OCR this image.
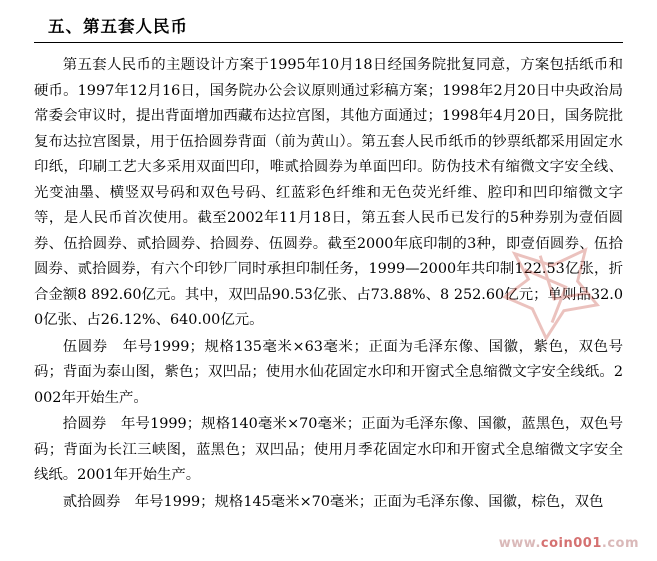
五、第五套人民币

第五套人民币的主题设计方案于1995年10月18日经国务院批复同意，方案包括纸币和硬币。1997年12月16日，国务院办公会议原则通过彩稿方案；1998年2月20日中央政治局常委会审议时，提出背面增加西藏布达拉宫图，其他方面通过；1998年4月20日，国务院批复布达拉宫图景，用于伍拾圆券背面（前为黄山）。第五套人民币纸币的钞票纸都采用固定水印纸，印刷工艺大多采用双面凹印，唯贰拾圆券为单面凹印。防伪技术有缩微文字安全线、光变油墨、横竖双号码和双色号码、红蓝彩色纤维和无色荧光纤维、腔印和凹印缩微文字等，是人民币首次使用。截至2002年11月18日，第五套人民币已发行的5种券别为壹佰圆券、伍拾圆券、贰拾圆券、拾圆券、伍圆券。截至2000年底印制的3种，即壹佰圆券、伍拾圆券、贰拾圆券，有六个印钞厂同时承担印制任务，1999—2000年共印制122.53亿张，折合金额8 892.60亿元。其中，双凹品90.53亿张、占73.88%、8 252.60亿元；单则品32.00亿张、占26.12%、640.00亿元。

伍圆券　年号1999；规格135毫米×63毫米；正面为毛泽东像、国徽，紫色，双色号码；背面为泰山图，紫色；双凹品；使用水仙花固定水印和开窗式全息缩微文字安全线纸。2002年开始生产。

拾圆券　年号1999；规格140毫米×70毫米；正面为毛泽东像、国徽，蓝黑色，双色号码；背面为长江三峡图，蓝黑色；双凹品；使用月季花固定水印和开窗式全息缩微文字安全线纸。2001年开始生产。

贰拾圆券　年号1999；规格145毫米×70毫米；正面为毛泽东像、国徽，棕色，双色

www.coin001.com
